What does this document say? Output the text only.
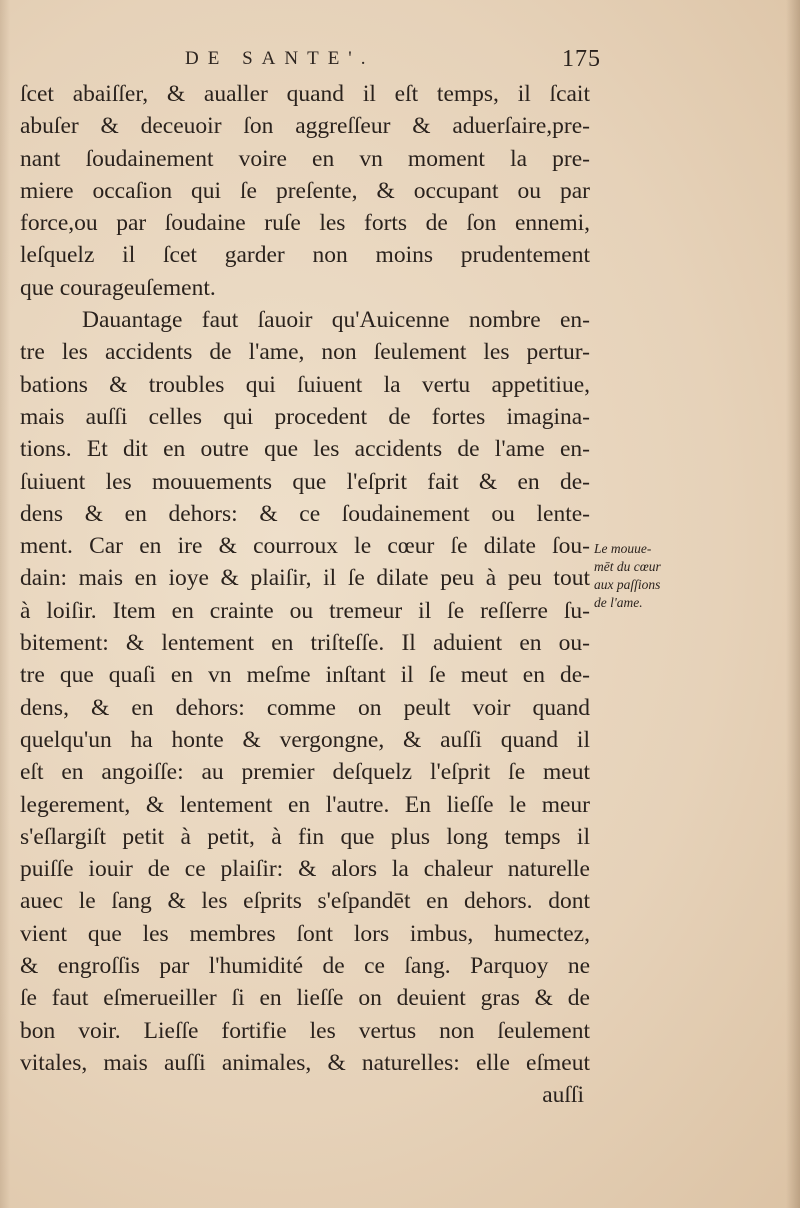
DE SANTE'.	175
ſcet abaiſſer, & aualler quand il eſt temps, il ſcait
abuſer & deceuoir ſon aggreſſeur & aduerſaire,pre-
nant ſoudainement voire en vn moment la pre-
miere occaſion qui ſe preſente, & occupant ou par
force,ou par ſoudaine ruſe les forts de ſon ennemi,
leſquelz il ſcet garder non moins prudentement
que courageuſement.
Dauantage faut ſauoir qu'Auicenne nombre en-
tre les accidents de l'ame, non ſeulement les pertur-
bations & troubles qui ſuiuent la vertu appetitiue,
mais auſſi celles qui procedent de fortes imagina-
tions. Et dit en outre que les accidents de l'ame en-
ſuiuent les mouuements que l'eſprit fait & en de-
dens & en dehors: & ce ſoudainement ou lente-
ment. Car en ire & courroux le cœur ſe dilate ſou-
dain: mais en ioye & plaiſir, il ſe dilate peu à peu tout
à loiſir. Item en crainte ou tremeur il ſe reſſerre ſu-
bitement: & lentement en triſteſſe. Il aduient en ou-
tre que quaſi en vn meſme inſtant il ſe meut en de-
dens, & en dehors: comme on peult voir quand
quelqu'un ha honte & vergongne, & auſſi quand il
eſt en angoiſſe: au premier deſquelz l'eſprit ſe meut
legerement, & lentement en l'autre. En lieſſe le meur
s'eſlargiſt petit à petit, à fin que plus long temps il
puiſſe iouir de ce plaiſir: & alors la chaleur naturelle
auec le ſang & les eſprits s'eſpandēt en dehors. dont
vient que les membres ſont lors imbus, humectez,
& engroſſis par l'humidité de ce ſang. Parquoy ne
ſe faut eſmerueiller ſi en lieſſe on deuient gras & de
bon voir. Lieſſe fortifie les vertus non ſeulement
vitales, mais auſſi animales, & naturelles: elle eſmeut
auſſi
Le mouue-
mēt du cœur
aux paſſions
de l'ame.
